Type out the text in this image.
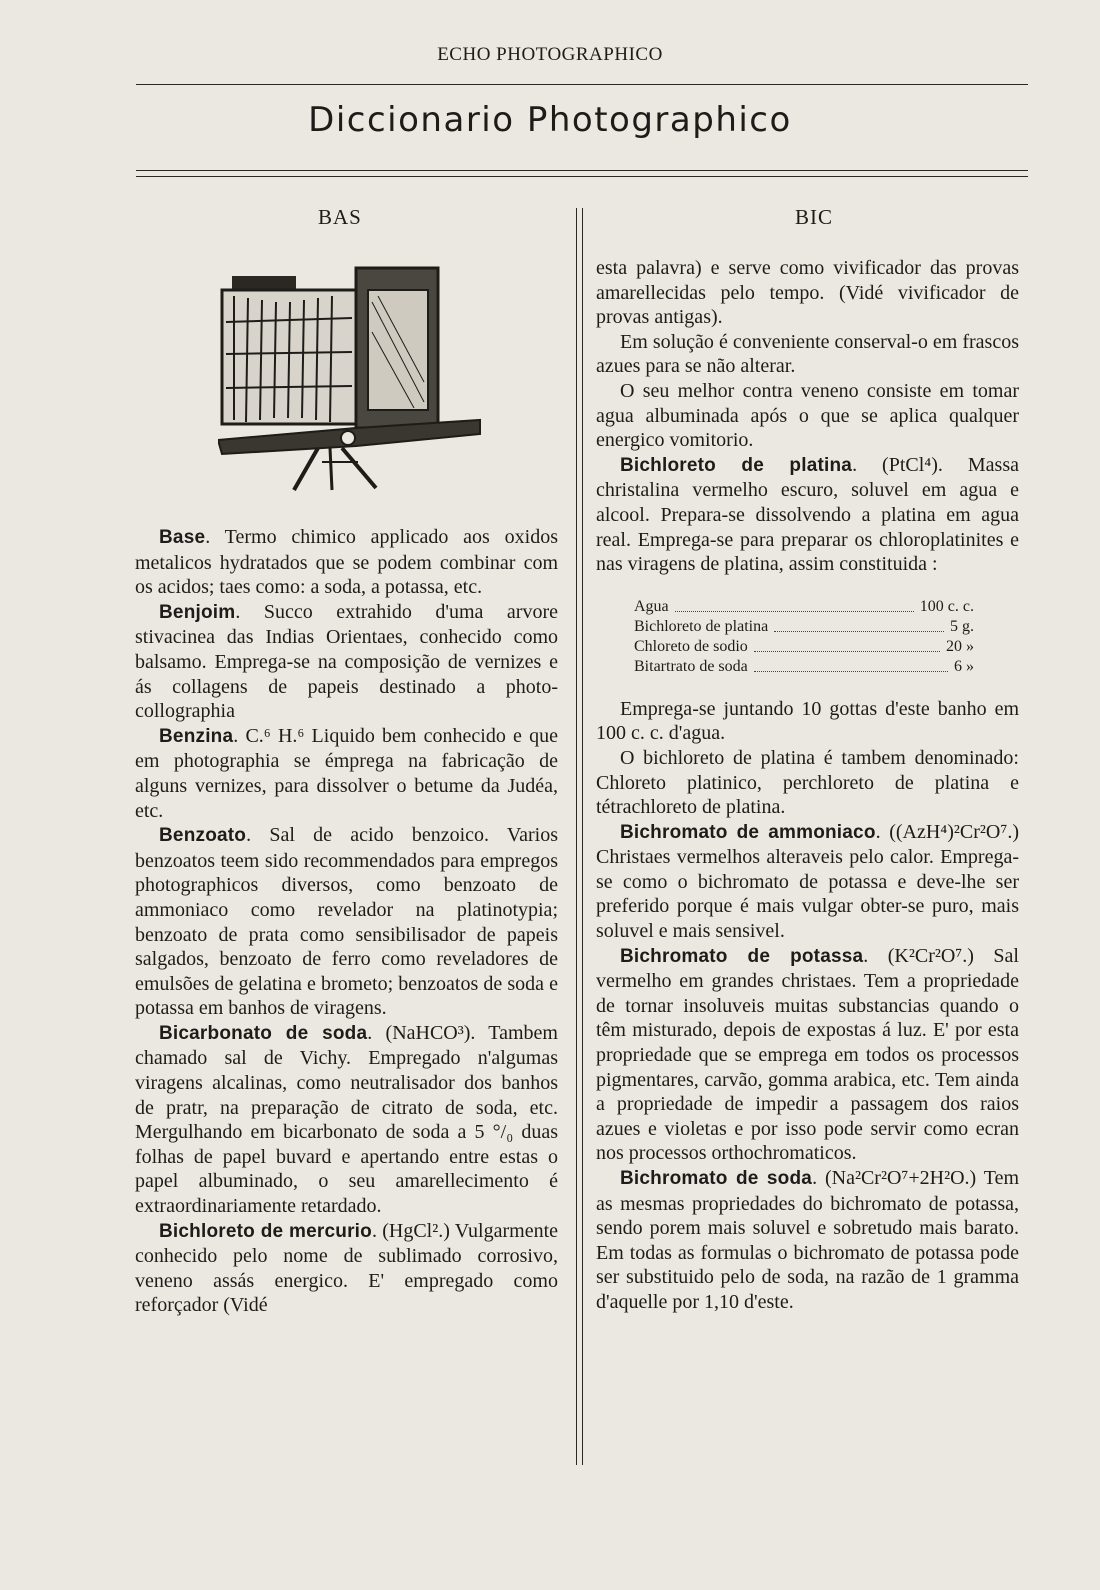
ECHO PHOTOGRAPHICO
Diccionario Photographico
BAS	BIC

Base. Termo chimico applicado aos oxidos metalicos hydratados que se podem combinar com os acidos; taes como: a soda, a potassa, etc.

Benjoim. Succo extrahido d'uma arvore stivacinea das Indias Orientaes, conhecido como balsamo. Emprega-se na composição de vernizes e ás collagens de papeis destinado a photo-collographia

Benzina. C.⁶ H.⁶ Liquido bem conhecido e que em photographia se émprega na fabricação de alguns vernizes, para dissolver o betume da Judéa, etc.

Benzoato. Sal de acido benzoico. Varios benzoatos teem sido recommendados para empregos photographicos diversos, como benzoato de ammoniaco como revelador na platinotypia; benzoato de prata como sensibilisador de papeis salgados, benzoato de ferro como reveladores de emulsões de gelatina e brometo; benzoatos de soda e potassa em banhos de viragens.

Bicarbonato de soda. (NaHCO³). Tambem chamado sal de Vichy. Empregado n'algumas viragens alcalinas, como neutralisador dos banhos de pratr, na preparação de citrato de soda, etc. Mergulhando em bicarbonato de soda a 5 °/₀ duas folhas de papel buvard e apertando entre estas o papel albuminado, o seu amarellecimento é extraordinariamente retardado.

Bichloreto de mercurio. (HgCl².) Vulgarmente conhecido pelo nome de sublimado corrosivo, veneno assás energico. E' empregado como reforçador (Vidé

esta palavra) e serve como vivificador das provas amarellecidas pelo tempo. (Vidé vivificador de provas antigas).

Em solução é conveniente conserval-o em frascos azues para se não alterar.

O seu melhor contra veneno consiste em tomar agua albuminada após o que se aplica qualquer energico vomitorio.

Bichloreto de platina. (PtCl⁴). Massa christalina vermelho escuro, soluvel em agua e alcool. Prepara-se dissolvendo a platina em agua real. Emprega-se para preparar os chloroplatinites e nas viragens de platina, assim constituida :

Agua	100 c. c.
Bichloreto de platina	5 g.
Chloreto de sodio	20 »
Bitartrato de soda	6 »

Emprega-se juntando 10 gottas d'este banho em 100 c. c. d'agua.

O bichloreto de platina é tambem denominado: Chloreto platinico, perchloreto de platina e tétrachloreto de platina.

Bichromato de ammoniaco. ((AzH⁴)²Cr²O⁷.) Christaes vermelhos alteraveis pelo calor. Emprega-se como o bichromato de potassa e deve-lhe ser preferido porque é mais vulgar obter-se puro, mais soluvel e mais sensivel.

Bichromato de potassa. (K²Cr²O⁷.) Sal vermelho em grandes christaes. Tem a propriedade de tornar insoluveis muitas substancias quando o têm misturado, depois de expostas á luz. E' por esta propriedade que se emprega em todos os processos pigmentares, carvão, gomma arabica, etc. Tem ainda a propriedade de impedir a passagem dos raios azues e violetas e por isso pode servir como ecran nos processos orthochromaticos.

Bichromato de soda. (Na²Cr²O⁷+2H²O.) Tem as mesmas propriedades do bichromato de potassa, sendo porem mais soluvel e sobretudo mais barato. Em todas as formulas o bichromato de potassa pode ser substituido pelo de soda, na razão de 1 gramma d'aquelle por 1,10 d'este.
